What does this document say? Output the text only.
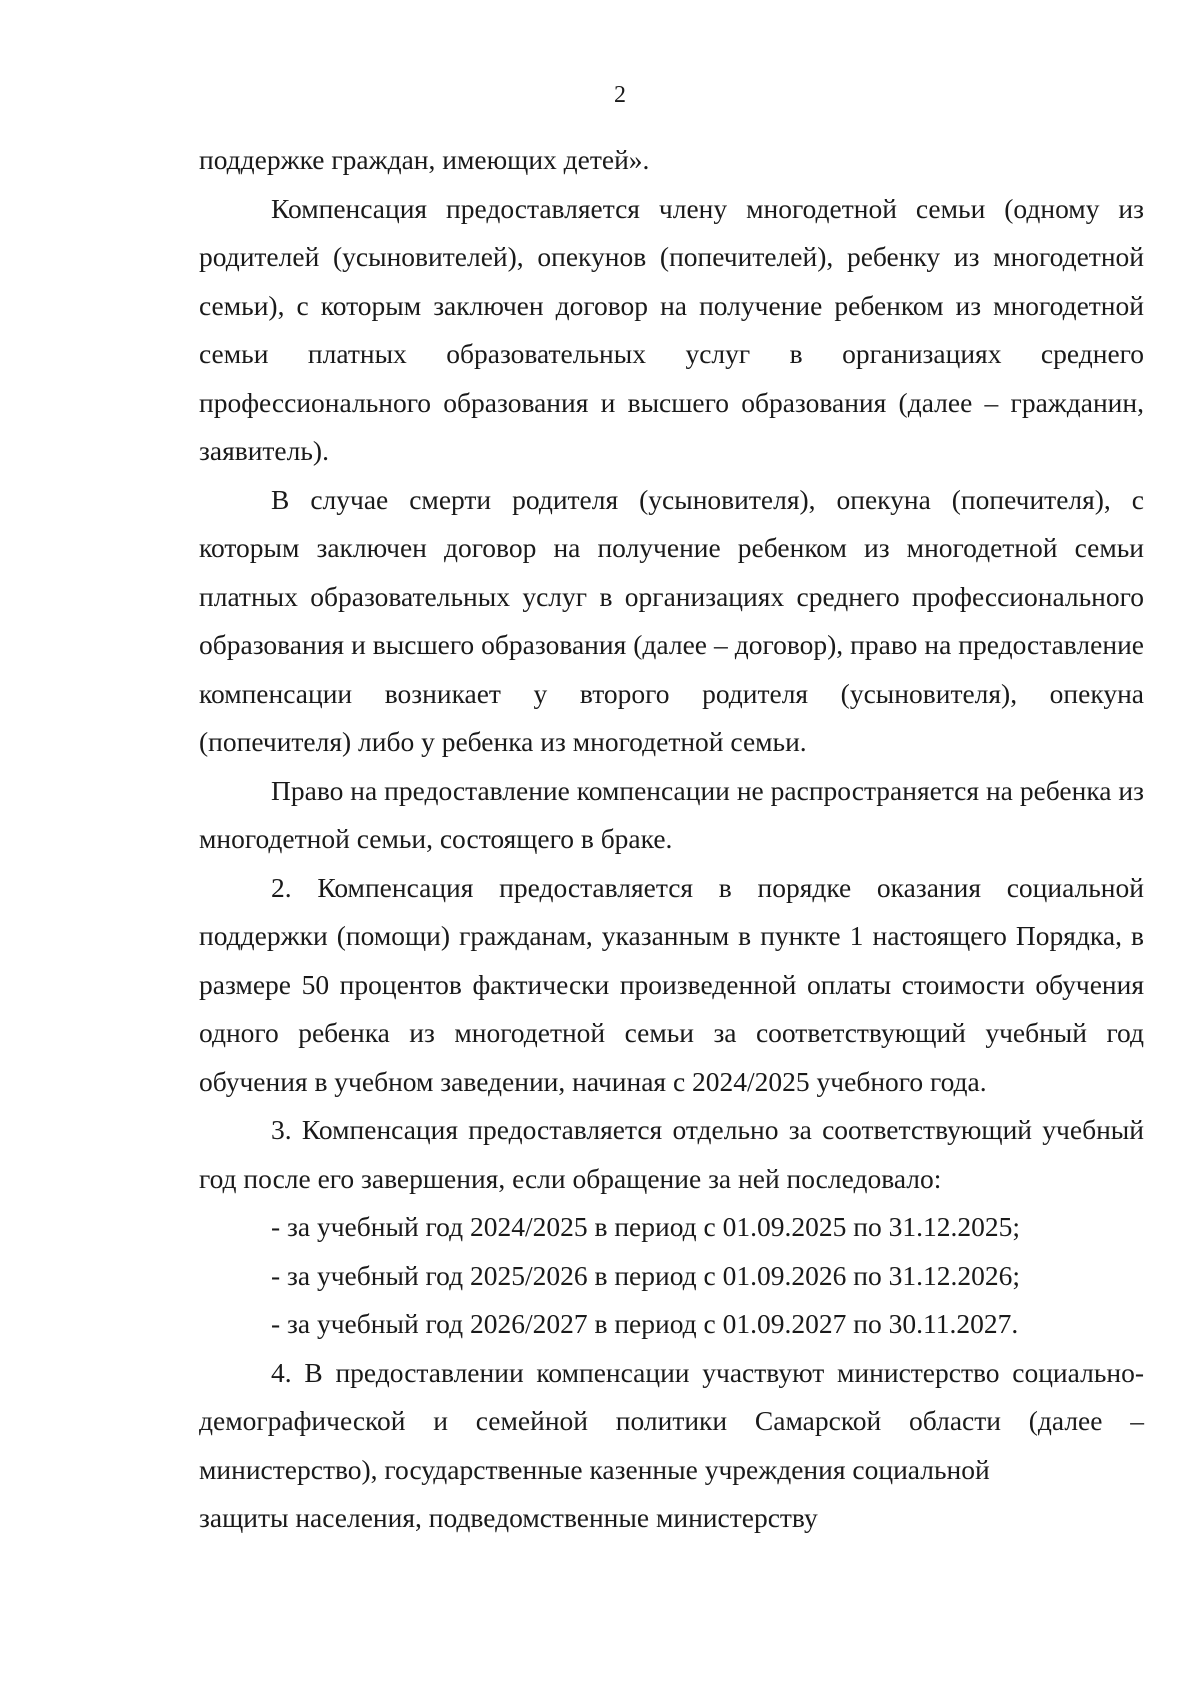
2

поддержке граждан, имеющих детей».

Компенсация предоставляется члену многодетной семьи (одному из родителей (усыновителей), опекунов (попечителей), ребенку из многодетной семьи), с которым заключен договор на получение ребенком из многодетной семьи платных образовательных услуг в организациях среднего профессионального образования и высшего образования (далее – гражданин, заявитель).

В случае смерти родителя (усыновителя), опекуна (попечителя), с которым заключен договор на получение ребенком из многодетной семьи платных образовательных услуг в организациях среднего профессионального образования и высшего образования (далее – договор), право на предоставление компенсации возникает у второго родителя (усыновителя), опекуна (попечителя) либо у ребенка из многодетной семьи.

Право на предоставление компенсации не распространяется на ребенка из многодетной семьи, состоящего в браке.

2. Компенсация предоставляется в порядке оказания социальной поддержки (помощи) гражданам, указанным в пункте 1 настоящего Порядка, в размере 50 процентов фактически произведенной оплаты стоимости обучения одного ребенка из многодетной семьи за соответствующий учебный год обучения в учебном заведении, начиная с 2024/2025 учебного года.

3. Компенсация предоставляется отдельно за соответствующий учебный год после его завершения, если обращение за ней последовало:

- за учебный год 2024/2025 в период с 01.09.2025 по 31.12.2025;

- за учебный год 2025/2026 в период с 01.09.2026 по 31.12.2026;

- за учебный год 2026/2027 в период с 01.09.2027 по 30.11.2027.

4. В предоставлении компенсации участвуют министерство социально-демографической и семейной политики Самарской области (далее – министерство), государственные казенные учреждения социальной

защиты населения, подведомственные министерству
